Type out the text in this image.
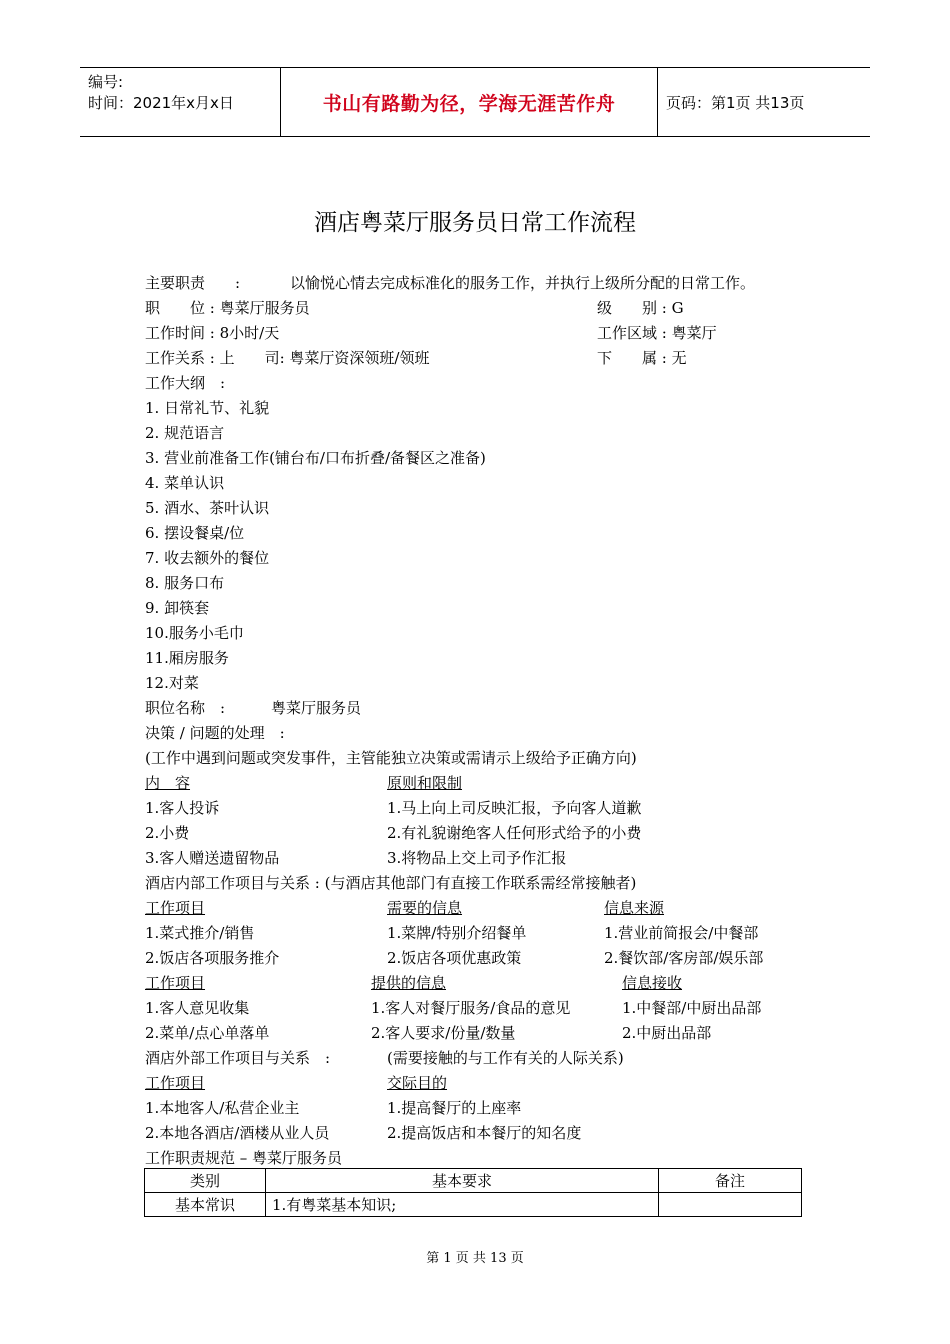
编号:
时间：2021年x月x日	书山有路勤为径，学海无涯苦作舟	页码：第1页 共13页
酒店粤菜厅服务员日常工作流程
主要职责　　:	以愉悦心情去完成标准化的服务工作，并执行上级所分配的日常工作。
职　　位 : 粤菜厅服务员	级　　别 : G
工作时间 : 8小时/天	工作区域 : 粤菜厅
工作关系 : 上　　司: 粤菜厅资深领班/领班	下　　属 : 无
工作大纲　:
1. 日常礼节、礼貌
2. 规范语言
3. 营业前准备工作(铺台布/口布折叠/备餐区之准备)
4. 菜单认识
5. 酒水、茶叶认识
6. 摆设餐桌/位
7. 收去额外的餐位
8. 服务口布
9. 卸筷套
10.服务小毛巾
11.厢房服务
12.对菜
职位名称　:	粤菜厅服务员
决策 / 问题的处理　:
(工作中遇到问题或突发事件，主管能独立决策或需请示上级给予正确方向)
内　容	原则和限制
1.客人投诉	1.马上向上司反映汇报，予向客人道歉
2.小费	2.有礼貌谢绝客人任何形式给予的小费
3.客人赠送遗留物品	3.将物品上交上司予作汇报
酒店内部工作项目与关系 : (与酒店其他部门有直接工作联系需经常接触者)
工作项目	需要的信息	信息来源
1.菜式推介/销售	1.菜牌/特别介绍餐单	1.营业前简报会/中餐部
2.饭店各项服务推介	2.饭店各项优惠政策	2.餐饮部/客房部/娱乐部
工作项目	提供的信息	信息接收
1.客人意见收集	1.客人对餐厅服务/食品的意见	1.中餐部/中厨出品部
2.菜单/点心单落单	2.客人要求/份量/数量	2.中厨出品部
酒店外部工作项目与关系　:	(需要接触的与工作有关的人际关系)
工作项目	交际目的
1.本地客人/私营企业主	1.提高餐厅的上座率
2.本地各酒店/酒楼从业人员	2.提高饭店和本餐厅的知名度
工作职责规范 – 粤菜厅服务员
类别	基本要求	备注
基本常识	1.有粤菜基本知识;	
第 1 页 共 13 页
